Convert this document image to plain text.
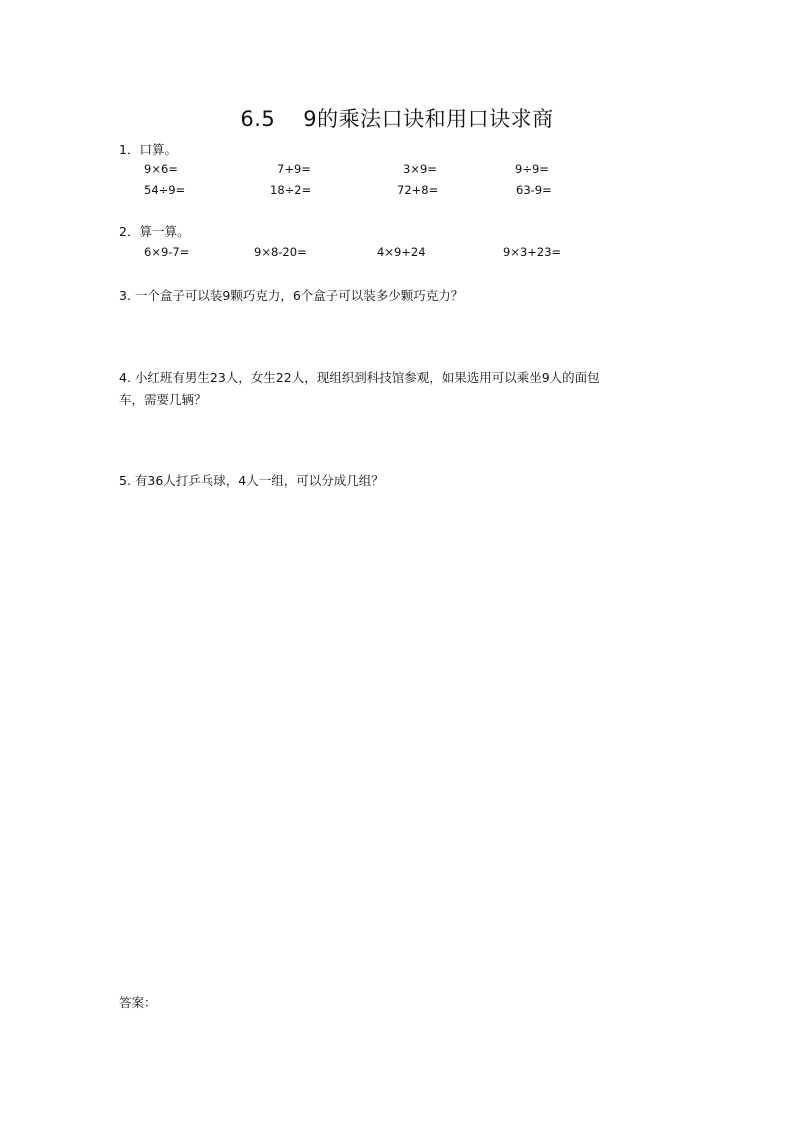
6.5 9的乘法口诀和用口诀求商
1．口算。
9×6=	7+9=	3×9=	9÷9=
54÷9=	18÷2=	72+8=	63-9=
2．算一算。
6×9-7=	9×8-20=	4×9+24	9×3+23=
3. 一个盒子可以装9颗巧克力，6个盒子可以装多少颗巧克力？
4. 小红班有男生23人，女生22人，现组织到科技馆参观，如果选用可以乘坐9人的面包
车，需要几辆？
5. 有36人打乒乓球，4人一组，可以分成几组？
答案：
